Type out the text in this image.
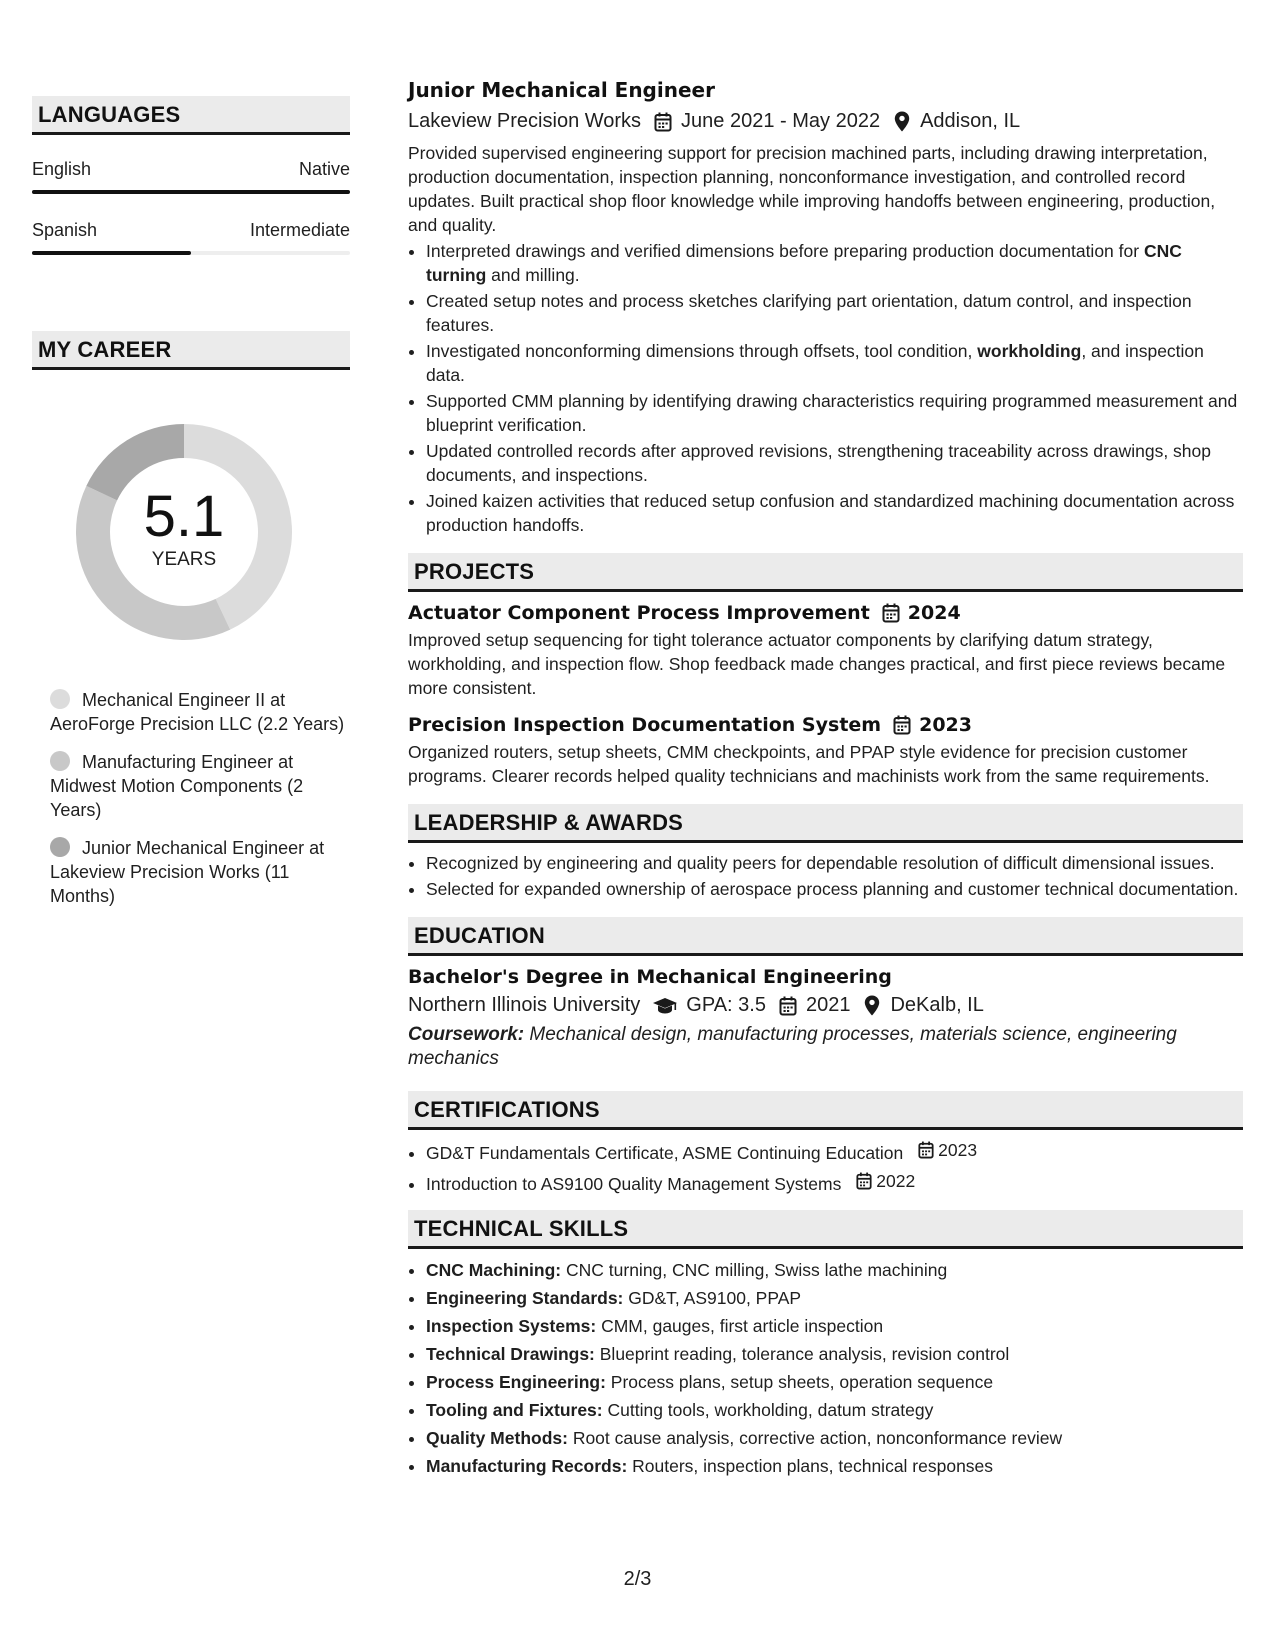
LANGUAGES
English	Native
Spanish	Intermediate
MY CAREER
5.1
YEARS
Mechanical Engineer II at AeroForge Precision LLC (2.2 Years)
Manufacturing Engineer at Midwest Motion Components (2 Years)
Junior Mechanical Engineer at Lakeview Precision Works (11 Months)
Junior Mechanical Engineer
Lakeview Precision Works June 2021 - May 2022 Addison, IL
Provided supervised engineering support for precision machined parts, including drawing interpretation, production documentation, inspection planning, nonconformance investigation, and controlled record updates. Built practical shop floor knowledge while improving handoffs between engineering, production, and quality.
• Interpreted drawings and verified dimensions before preparing production documentation for CNC turning and milling.
• Created setup notes and process sketches clarifying part orientation, datum control, and inspection features.
• Investigated nonconforming dimensions through offsets, tool condition, workholding, and inspection data.
• Supported CMM planning by identifying drawing characteristics requiring programmed measurement and blueprint verification.
• Updated controlled records after approved revisions, strengthening traceability across drawings, shop documents, and inspections.
• Joined kaizen activities that reduced setup confusion and standardized machining documentation across production handoffs.
PROJECTS
Actuator Component Process Improvement 2024
Improved setup sequencing for tight tolerance actuator components by clarifying datum strategy, workholding, and inspection flow. Shop feedback made changes practical, and first piece reviews became more consistent.
Precision Inspection Documentation System 2023
Organized routers, setup sheets, CMM checkpoints, and PPAP style evidence for precision customer programs. Clearer records helped quality technicians and machinists work from the same requirements.
LEADERSHIP & AWARDS
• Recognized by engineering and quality peers for dependable resolution of difficult dimensional issues.
• Selected for expanded ownership of aerospace process planning and customer technical documentation.
EDUCATION
Bachelor's Degree in Mechanical Engineering
Northern Illinois University GPA: 3.5 2021 DeKalb, IL
Coursework: Mechanical design, manufacturing processes, materials science, engineering mechanics
CERTIFICATIONS
• GD&T Fundamentals Certificate, ASME Continuing Education 2023
• Introduction to AS9100 Quality Management Systems 2022
TECHNICAL SKILLS
• CNC Machining: CNC turning, CNC milling, Swiss lathe machining
• Engineering Standards: GD&T, AS9100, PPAP
• Inspection Systems: CMM, gauges, first article inspection
• Technical Drawings: Blueprint reading, tolerance analysis, revision control
• Process Engineering: Process plans, setup sheets, operation sequence
• Tooling and Fixtures: Cutting tools, workholding, datum strategy
• Quality Methods: Root cause analysis, corrective action, nonconformance review
• Manufacturing Records: Routers, inspection plans, technical responses
2/3
